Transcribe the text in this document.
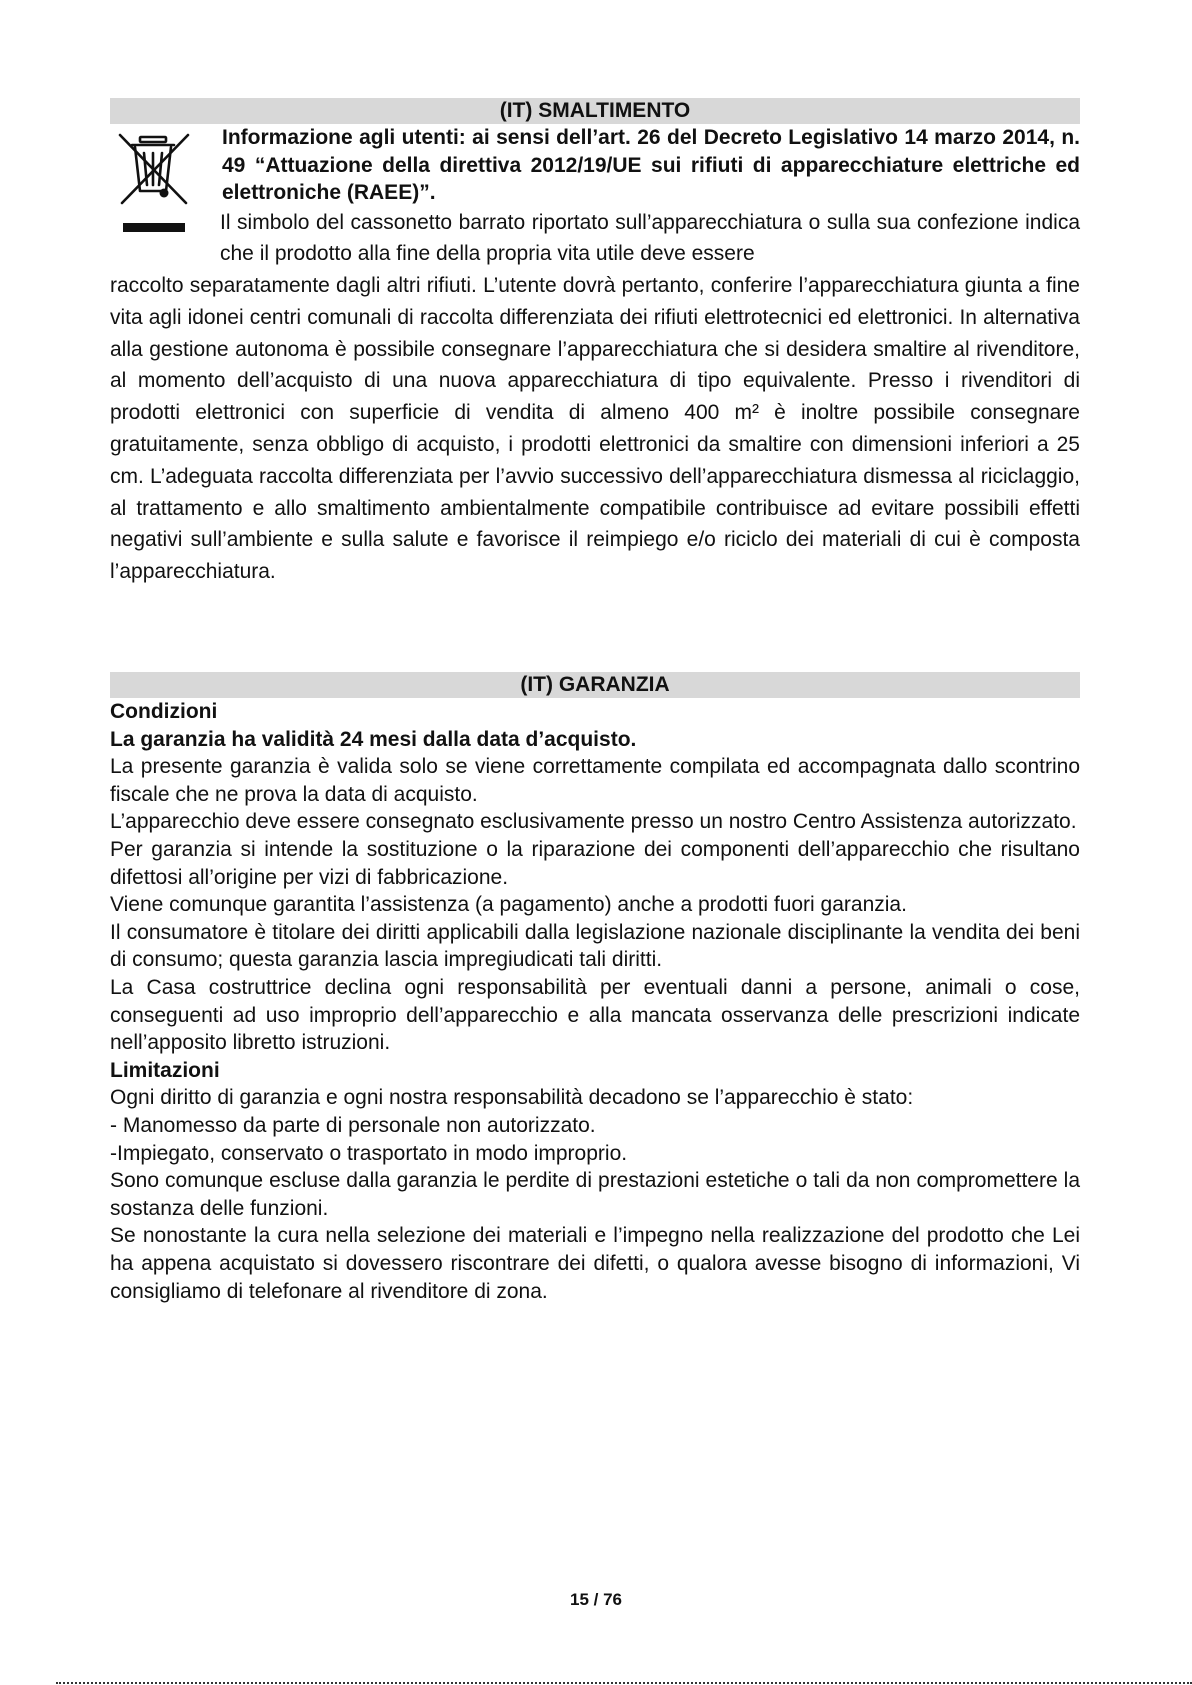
(IT) SMALTIMENTO

Informazione agli utenti: ai sensi dell’art. 26 del Decreto Legislativo 14 marzo 2014, n. 49 “Attuazione della direttiva 2012/19/UE sui rifiuti di apparecchiature elettriche ed elettroniche (RAEE)”.

Il simbolo del cassonetto barrato riportato sull’apparecchiatura o sulla sua confezione indica che il prodotto alla fine della propria vita utile deve essere

raccolto separatamente dagli altri rifiuti. L’utente dovrà pertanto, conferire l’apparecchiatura giunta a fine vita agli idonei centri comunali di raccolta differenziata dei rifiuti elettrotecnici ed elettronici. In alternativa alla gestione autonoma è possibile consegnare l’apparecchiatura che si desidera smaltire al rivenditore, al momento dell’acquisto di una nuova apparecchiatura di tipo equivalente. Presso i rivenditori di prodotti elettronici con superficie di vendita di almeno 400 m² è inoltre possibile consegnare gratuitamente, senza obbligo di acquisto, i prodotti elettronici da smaltire con dimensioni inferiori a 25 cm. L’adeguata raccolta differenziata per l’avvio successivo dell’apparecchiatura dismessa al riciclaggio, al trattamento e allo smaltimento ambientalmente compatibile contribuisce ad evitare possibili effetti negativi sull’ambiente e sulla salute e favorisce il reimpiego e/o riciclo dei materiali di cui è composta l’apparecchiatura.

(IT) GARANZIA

Condizioni

La garanzia ha validità 24 mesi dalla data d’acquisto.

La presente garanzia è valida solo se viene correttamente compilata ed accompagnata dallo scontrino fiscale che ne prova la data di acquisto.

L’apparecchio deve essere consegnato esclusivamente presso un nostro Centro Assistenza autorizzato.

Per garanzia si intende la sostituzione o la riparazione dei componenti dell’apparecchio che risultano difettosi all’origine per vizi di fabbricazione.

Viene comunque garantita l’assistenza (a pagamento) anche a prodotti fuori garanzia.

Il consumatore è titolare dei diritti applicabili dalla legislazione nazionale disciplinante la vendita dei beni di consumo; questa garanzia lascia impregiudicati tali diritti.

La Casa costruttrice declina ogni responsabilità per eventuali danni a persone, animali o cose, conseguenti ad uso improprio dell’apparecchio e alla mancata osservanza delle prescrizioni indicate nell’apposito libretto istruzioni.

Limitazioni

Ogni diritto di garanzia e ogni nostra responsabilità decadono se l’apparecchio è stato:

- Manomesso da parte di personale non autorizzato.

-Impiegato, conservato o trasportato in modo improprio.

Sono comunque escluse dalla garanzia le perdite di prestazioni estetiche o tali da non compromettere la sostanza delle funzioni.

Se nonostante la cura nella selezione dei materiali e l’impegno nella realizzazione del prodotto che Lei ha appena acquistato si dovessero riscontrare dei difetti, o qualora avesse bisogno di informazioni, Vi consigliamo di telefonare al rivenditore di zona.

15 / 76
